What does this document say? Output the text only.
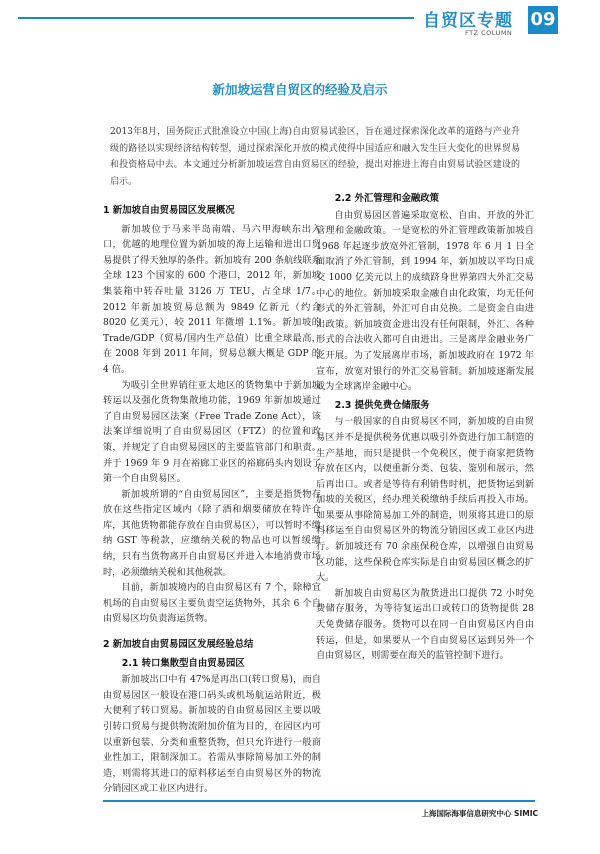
自贸区专题
FTZ COLUMN
09
新加坡运营自贸区的经验及启示

2013年8月，国务院正式批准设立中国(上海)自由贸易试验区，旨在通过探索深化改革的道路与产业升级的路径以实现经济结构转型，通过探索深化开放的模式使得中国适应和融入发生巨大变化的世界贸易和投资格局中去。本文通过分析新加坡运营自由贸易区的经验，提出对推进上海自由贸易试验区建设的启示。

1 新加坡自由贸易园区发展概况

新加坡位于马来半岛南端、马六甲海峡东出入口，优越的地理位置为新加坡的海上运输和进出口贸易提供了得天独厚的条件。新加坡有 200 条航线联系全球 123 个国家的 600 个港口，2012 年，新加坡集装箱中转吞吐量 3126 万 TEU，占全球 1/7。2012 年新加坡贸易总额为 9849 亿新元（约合 8020 亿美元），较 2011 年微增 1.1%。新加坡的 Trade/GDP（贸易/国内生产总值）比重全球最高，在 2008 年到 2011 年间，贸易总额大概是 GDP 的 4 倍。

为吸引全世界销往亚太地区的货物集中于新加坡转运以及强化货物集散地功能，1969 年新加坡通过了自由贸易园区法案（Free Trade Zone Act），该法案详细说明了自由贸易园区（FTZ）的位置和政策，并规定了自由贸易园区的主要监管部门和职责。并于 1969 年 9 月在裕廊工业区的裕廊码头内划设了第一个自由贸易区。

新加坡所谓的“自由贸易园区”，主要是指货物存放在这些指定区域内（除了酒和烟要储放在特许仓库，其他货物都能存放在自由贸易区），可以暂时不缴纳 GST 等税款，应缴纳关税的物品也可以暂缓缴纳，只有当货物离开自由贸易区并进入本地消费市场时，必须缴纳关税和其他税款。

目前，新加坡境内的自由贸易区有 7 个，除樟宜机场的自由贸易区主要负责空运货物外，其余 6 个自由贸易区均负责海运货物。

2 新加坡自由贸易园区发展经验总结
2.1 转口集散型自由贸易园区

新加坡出口中有 47%是再出口(转口贸易)，而自由贸易园区一般设在港口码头或机场航运站附近，极大便利了转口贸易。新加坡的自由贸易园区主要以吸引转口贸易与提供物流附加价值为目的，在园区内可以重新包装、分类和重整货物，但只允许进行一般商业性加工，限制深加工。若需从事除简易加工外的制造，则需将其进口的原料移运至自由贸易区外的物流分销园区或工业区内进行。

2.2 外汇管理和金融政策

自由贸易园区普遍采取宽松、自由、开放的外汇管理和金融政策。一是宽松的外汇管理政策新加坡自 1968 年起逐步放宽外汇管制，1978 年 6 月 1 日全面取消了外汇管制，到 1994 年，新加坡以平均日成交 1000 亿美元以上的成绩跻身世界第四大外汇交易中心的地位。新加坡采取金融自由化政策，均无任何形式的外汇管制，外汇可自由兑换。二是资金自由进出政策。新加坡资金进出没有任何限制，外汇、各种形式的合法收入都可自由进出。三是离岸金融业务广泛开展。为了发展离岸市场，新加坡政府在 1972 年宣布，放宽对银行的外汇交易管制。新加坡逐渐发展成为全球离岸金融中心。

2.3 提供免费仓储服务

与一般国家的自由贸易区不同，新加坡的自由贸易区并不是提供税务优惠以吸引外资进行加工制造的生产基地，而只是提供一个免税区，便于商家把货物存放在区内，以便重新分类、包装、鉴别和展示，然后再出口。或者是等待有利销售时机，把货物运到新加坡的关税区，经办理关税缴纳手续后再投入市场。如果要从事除简易加工外的制造，则须将其进口的原料移运至自由贸易区外的物流分销园区或工业区内进行。新加坡还有 70 余座保税仓库，以增强自由贸易区功能，这些保税仓库实际是自由贸易园区概念的扩大。

新加坡自由贸易区为散货进出口提供 72 小时免费储存服务，为等待复运出口或转口的货物提供 28 天免费储存服务。货物可以在同一自由贸易区内自由转运，但是，如果要从一个自由贸易区运到另外一个自由贸易区，则需要在海关的监管控制下进行。

上海国际海事信息研究中心 SIMIC
